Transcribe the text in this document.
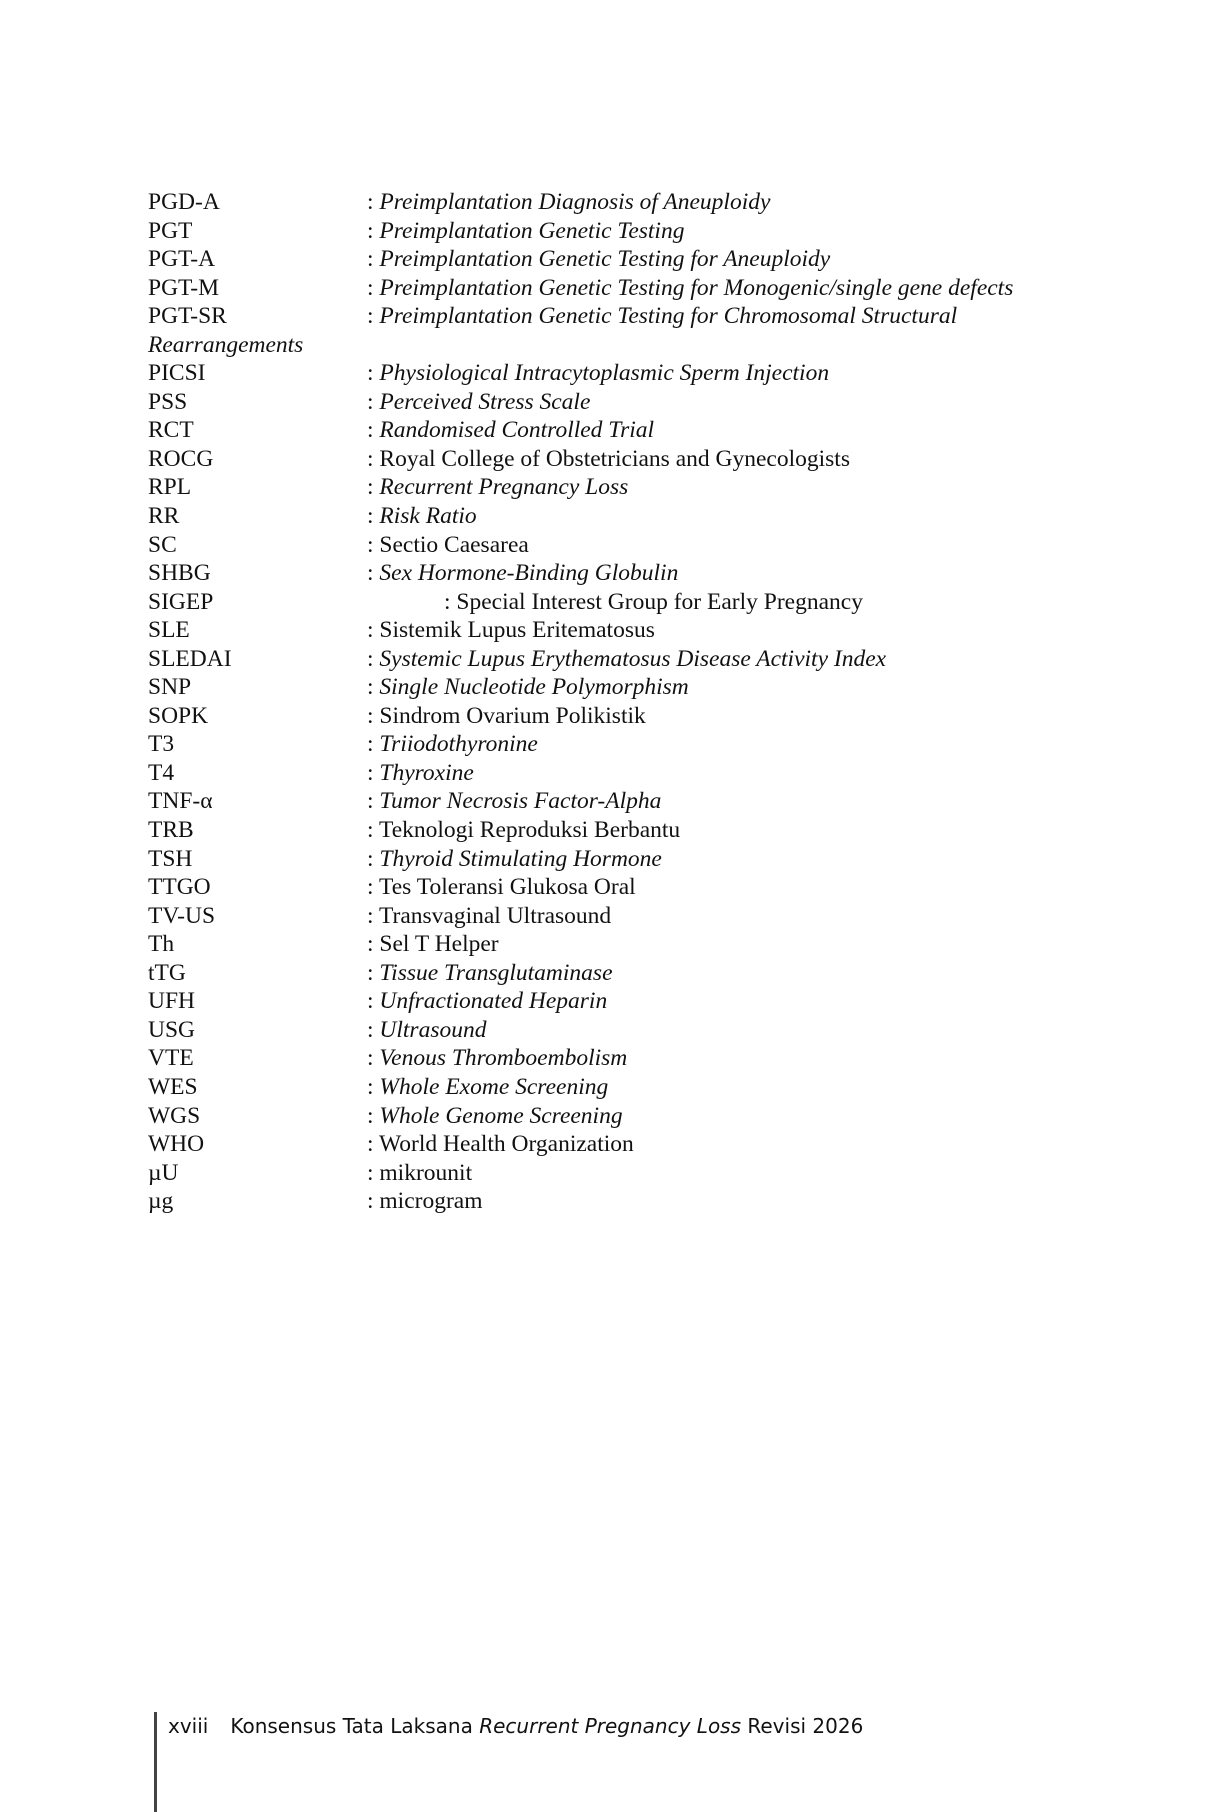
PGD-A	: Preimplantation Diagnosis of Aneuploidy
PGT	: Preimplantation Genetic Testing
PGT-A	: Preimplantation Genetic Testing for Aneuploidy
PGT-M	: Preimplantation Genetic Testing for Monogenic/single gene defects
PGT-SR	: Preimplantation Genetic Testing for Chromosomal Structural
Rearrangements
PICSI	: Physiological Intracytoplasmic Sperm Injection
PSS	: Perceived Stress Scale
RCT	: Randomised Controlled Trial
ROCG	: Royal College of Obstetricians and Gynecologists
RPL	: Recurrent Pregnancy Loss
RR	: Risk Ratio
SC	: Sectio Caesarea
SHBG	: Sex Hormone-Binding Globulin
SIGEP	: Special Interest Group for Early Pregnancy
SLE	: Sistemik Lupus Eritematosus
SLEDAI	: Systemic Lupus Erythematosus Disease Activity Index
SNP	: Single Nucleotide Polymorphism
SOPK	: Sindrom Ovarium Polikistik
T3	: Triiodothyronine
T4	: Thyroxine
TNF-α	: Tumor Necrosis Factor-Alpha
TRB	: Teknologi Reproduksi Berbantu
TSH	: Thyroid Stimulating Hormone
TTGO	: Tes Toleransi Glukosa Oral
TV-US	: Transvaginal Ultrasound
Th	: Sel T Helper
tTG	: Tissue Transglutaminase
UFH	: Unfractionated Heparin
USG	: Ultrasound
VTE	: Venous Thromboembolism
WES	: Whole Exome Screening
WGS	: Whole Genome Screening
WHO	: World Health Organization
µU	: mikrounit
µg	: microgram
xviii Konsensus Tata Laksana Recurrent Pregnancy Loss Revisi 2026
